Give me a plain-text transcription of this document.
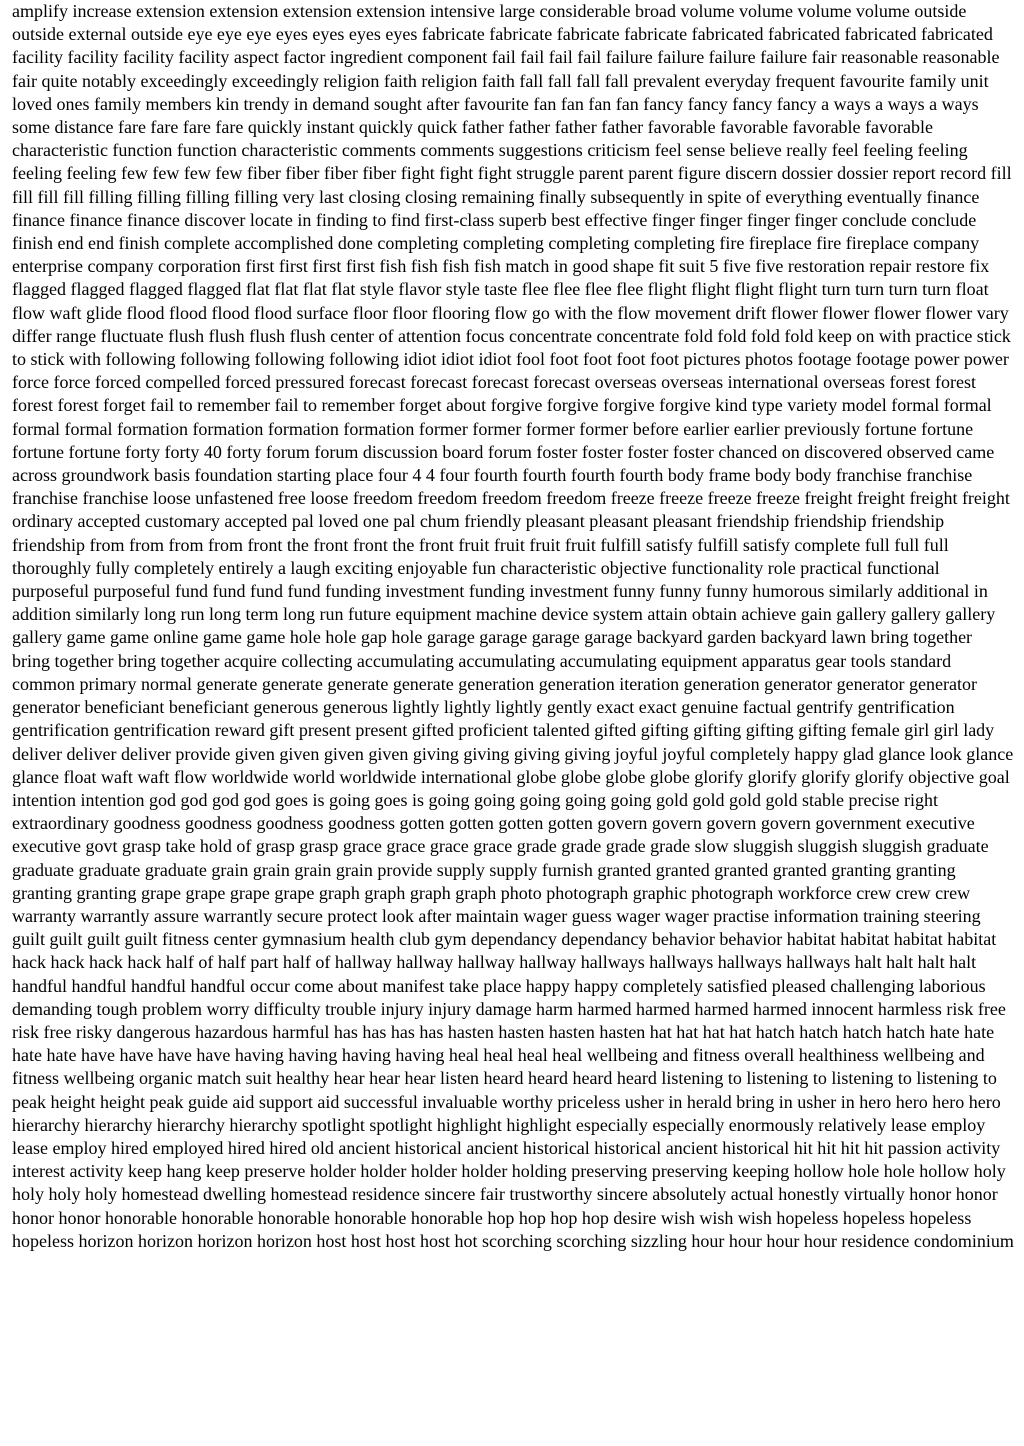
amplify increase extension extension extension extension intensive large considerable broad volume volume volume volume outside outside external outside eye eye eye eyes eyes eyes eyes fabricate fabricate fabricate fabricate fabricated fabricated fabricated fabricated facility facility facility facility aspect factor ingredient component fail fail fail fail failure failure failure failure fair reasonable reasonable fair quite notably exceedingly exceedingly religion faith religion faith fall fall fall fall prevalent everyday frequent favourite family unit loved ones family members kin trendy in demand sought after favourite fan fan fan fan fancy fancy fancy fancy a ways a ways a ways some distance fare fare fare fare quickly instant quickly quick father father father father favorable favorable favorable favorable characteristic function function characteristic comments comments suggestions criticism feel sense believe really feel feeling feeling feeling feeling few few few few fiber fiber fiber fiber fight fight fight struggle parent parent figure discern dossier dossier report record fill fill fill fill filling filling filling filling very last closing closing remaining finally subsequently in spite of everything eventually finance finance finance finance discover locate in finding to find first-class superb best effective finger finger finger finger conclude conclude finish end end finish complete accomplished done completing completing completing completing fire fireplace fire fireplace company enterprise company corporation first first first first fish fish fish fish match in good shape fit suit 5 five five restoration repair restore fix flagged flagged flagged flagged flat flat flat flat style flavor style taste flee flee flee flee flight flight flight flight turn turn turn turn float flow waft glide flood flood flood flood surface floor floor flooring flow go with the flow movement drift flower flower flower flower vary differ range fluctuate flush flush flush flush center of attention focus concentrate concentrate fold fold fold fold keep on with practice stick to stick with following following following following idiot idiot idiot fool foot foot foot foot pictures photos footage footage power power force force forced compelled forced pressured forecast forecast forecast forecast overseas overseas international overseas forest forest forest forest forget fail to remember fail to remember forget about forgive forgive forgive forgive kind type variety model formal formal formal formal formation formation formation formation former former former former before earlier earlier previously fortune fortune fortune fortune forty forty 40 forty forum forum discussion board forum foster foster foster foster chanced on discovered observed came across groundwork basis foundation starting place four 4 4 four fourth fourth fourth fourth body frame body body franchise franchise franchise franchise loose unfastened free loose freedom freedom freedom freedom freeze freeze freeze freeze freight freight freight freight ordinary accepted customary accepted pal loved one pal chum friendly pleasant pleasant pleasant friendship friendship friendship friendship from from from from front the front front the front fruit fruit fruit fruit fulfill satisfy fulfill satisfy complete full full full thoroughly fully completely entirely a laugh exciting enjoyable fun characteristic objective functionality role practical functional purposeful purposeful fund fund fund fund funding investment funding investment funny funny funny humorous similarly additional in addition similarly long run long term long run future equipment machine device system attain obtain achieve gain gallery gallery gallery gallery game game online game game hole hole gap hole garage garage garage garage backyard garden backyard lawn bring together bring together bring together acquire collecting accumulating accumulating accumulating equipment apparatus gear tools standard common primary normal generate generate generate generate generation generation iteration generation generator generator generator generator beneficiant beneficiant generous generous lightly lightly lightly gently exact exact genuine factual gentrify gentrification gentrification gentrification reward gift present present gifted proficient talented gifted gifting gifting gifting gifting female girl girl lady deliver deliver deliver provide given given given given giving giving giving giving joyful joyful completely happy glad glance look glance glance float waft waft flow worldwide world worldwide international globe globe globe globe glorify glorify glorify glorify objective goal intention intention god god god god goes is going goes is going going going going going gold gold gold gold stable precise right extraordinary goodness goodness goodness goodness gotten gotten gotten gotten govern govern govern govern government executive executive govt grasp take hold of grasp grasp grace grace grace grace grade grade grade grade slow sluggish sluggish sluggish graduate graduate graduate graduate grain grain grain grain provide supply supply furnish granted granted granted granted granting granting granting granting grape grape grape grape graph graph graph graph photo photograph graphic photograph workforce crew crew crew warranty warrantly assure warrantly secure protect look after maintain wager guess wager wager practise information training steering guilt guilt guilt guilt fitness center gymnasium health club gym dependancy dependancy behavior behavior habitat habitat habitat habitat hack hack hack hack half of half part half of hallway hallway hallway hallway hallways hallways hallways hallways halt halt halt halt handful handful handful handful occur come about manifest take place happy happy completely satisfied pleased challenging laborious demanding tough problem worry difficulty trouble injury injury damage harm harmed harmed harmed harmed innocent harmless risk free risk free risky dangerous hazardous harmful has has has has hasten hasten hasten hasten hat hat hat hat hatch hatch hatch hatch hate hate hate hate have have have have having having having having heal heal heal heal wellbeing and fitness overall healthiness wellbeing and fitness wellbeing organic match suit healthy hear hear hear listen heard heard heard heard listening to listening to listening to listening to peak height height peak guide aid support aid successful invaluable worthy priceless usher in herald bring in usher in hero hero hero hero hierarchy hierarchy hierarchy hierarchy spotlight spotlight highlight highlight especially especially enormously relatively lease employ lease employ hired employed hired hired old ancient historical ancient historical historical ancient historical hit hit hit hit passion activity interest activity keep hang keep preserve holder holder holder holder holding preserving preserving keeping hollow hole hole hollow holy holy holy holy homestead dwelling homestead residence sincere fair trustworthy sincere absolutely actual honestly virtually honor honor honor honor honorable honorable honorable honorable honorable hop hop hop hop desire wish wish wish hopeless hopeless hopeless hopeless horizon horizon horizon horizon host host host host hot scorching scorching sizzling hour hour hour hour residence condominium
